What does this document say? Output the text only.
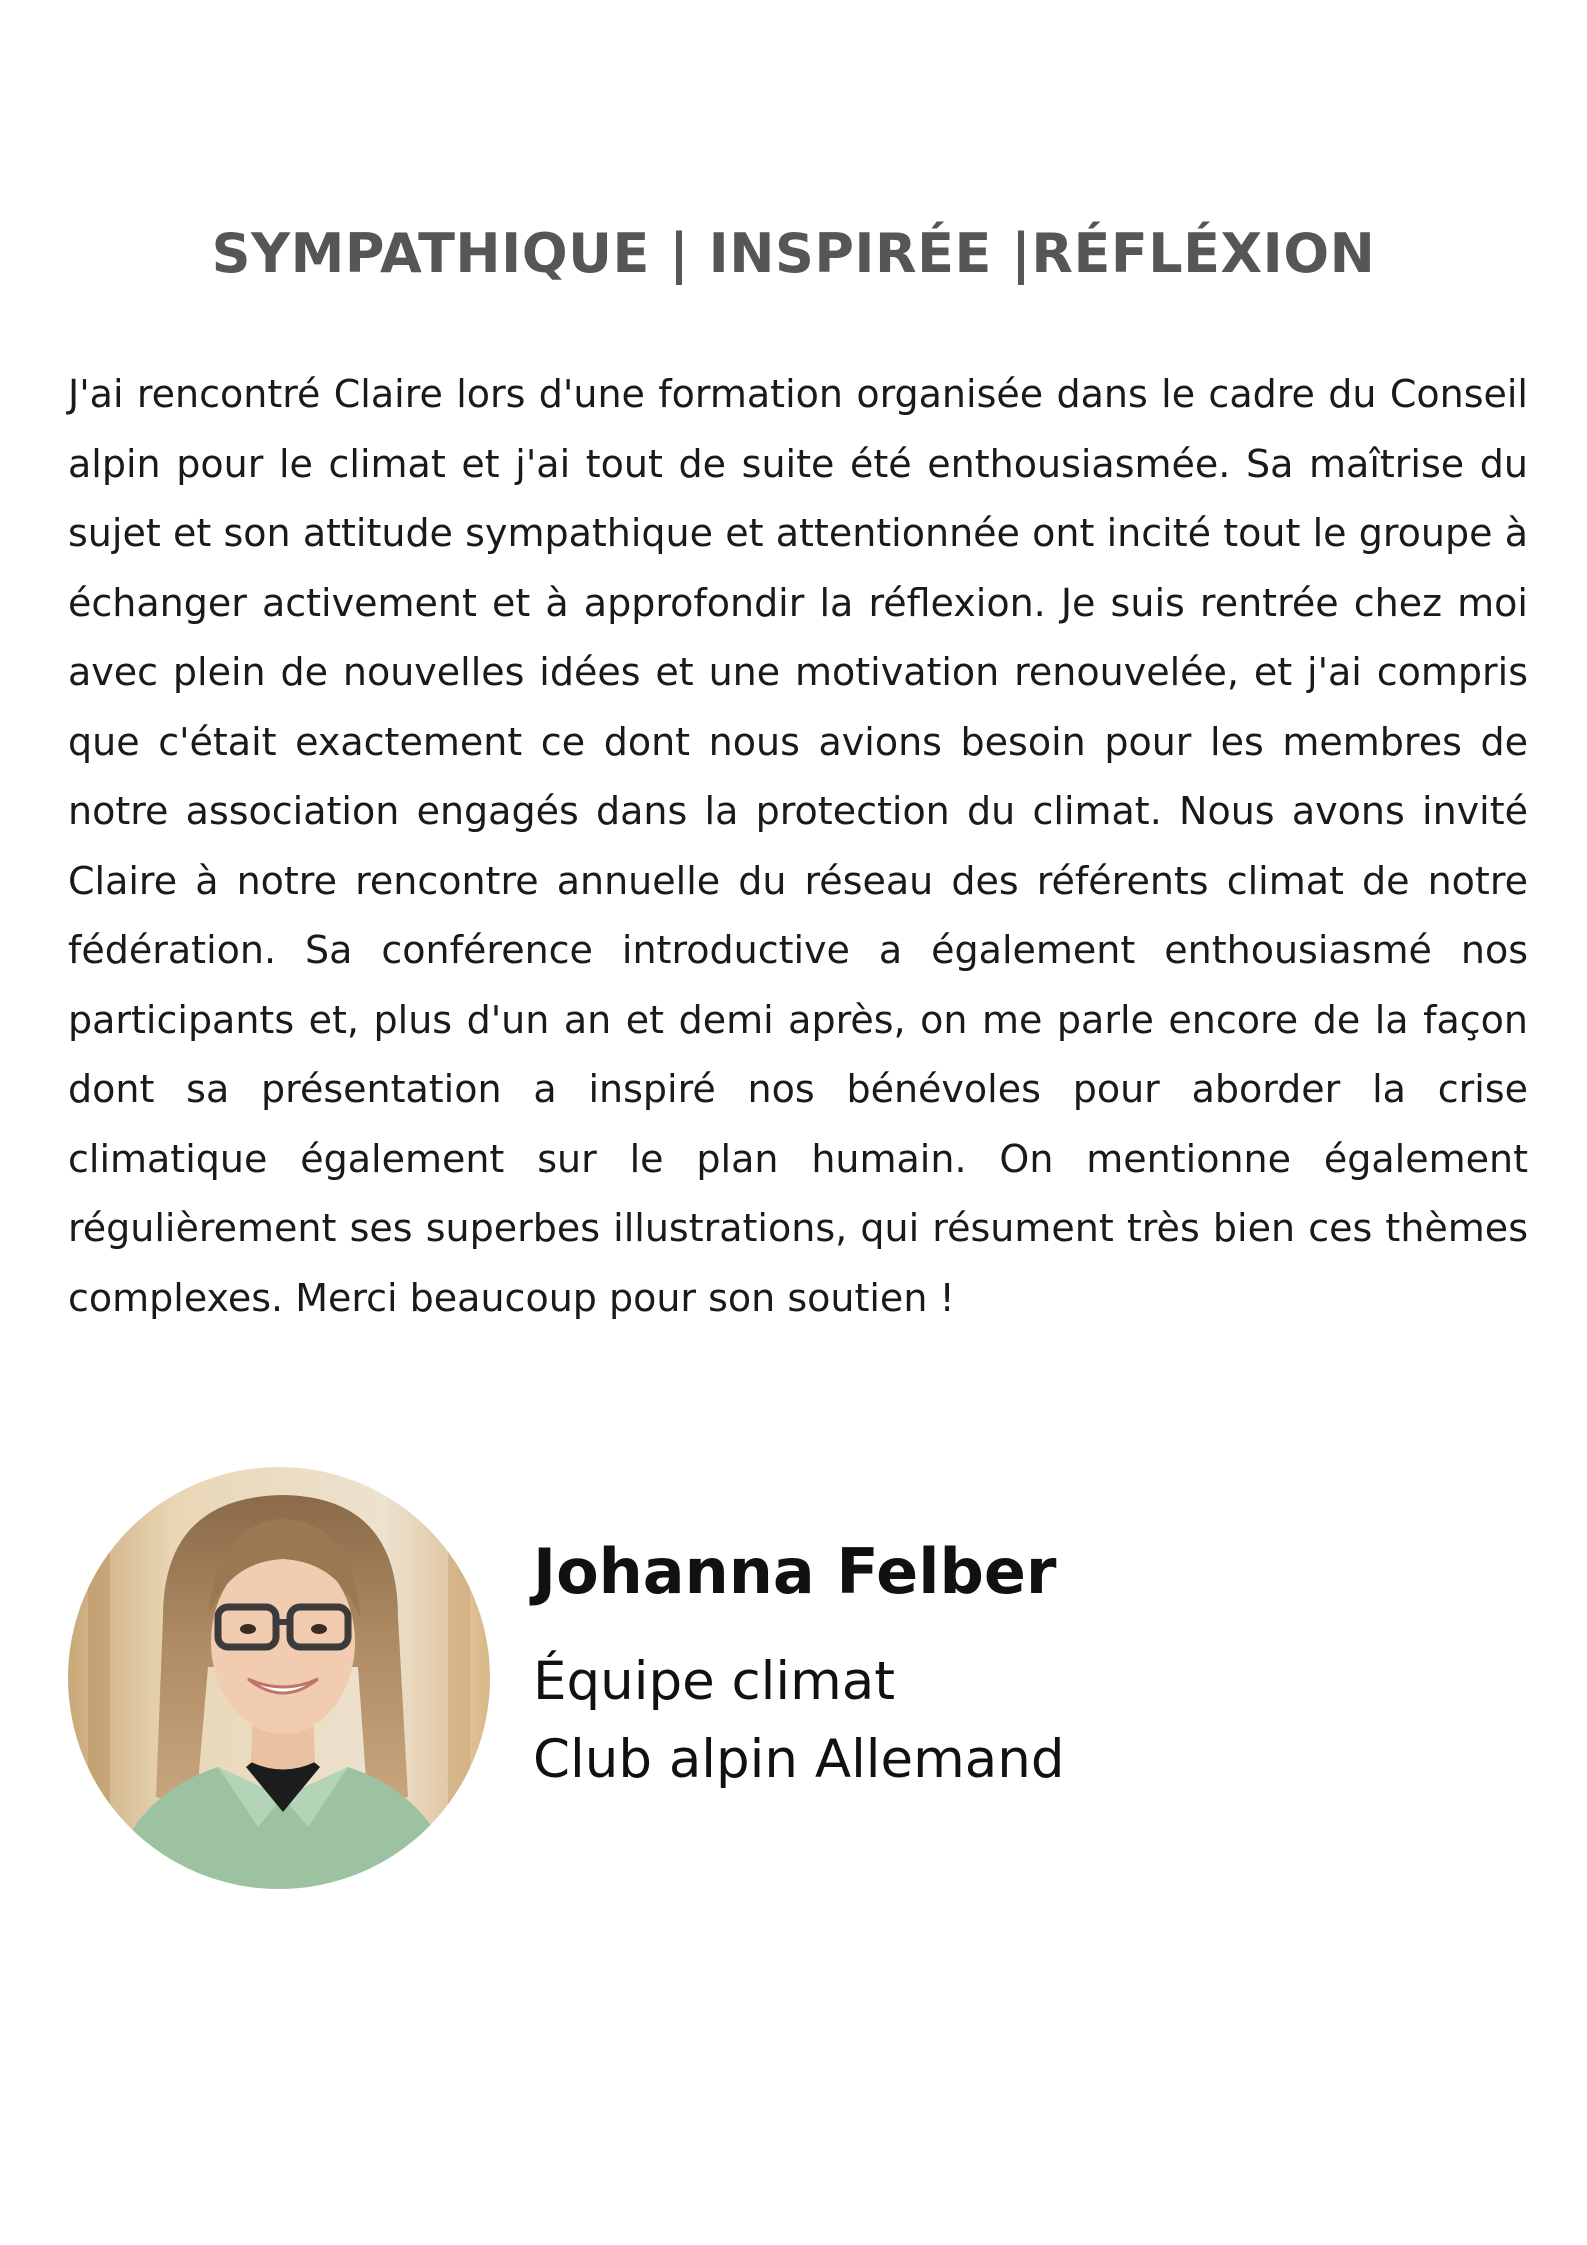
SYMPATHIQUE | INSPIRÉE |RÉFLÉXION

J'ai rencontré Claire lors d'une formation organisée dans le cadre du Conseil alpin pour le climat et j'ai tout de suite été enthousiasmée. Sa maîtrise du sujet et son attitude sympathique et attentionnée ont incité tout le groupe à échanger activement et à approfondir la réflexion. Je suis rentrée chez moi avec plein de nouvelles idées et une motivation renouvelée, et j'ai compris que c'était exactement ce dont nous avions besoin pour les membres de notre association engagés dans la protection du climat. Nous avons invité Claire à notre rencontre annuelle du réseau des référents climat de notre fédération. Sa conférence introductive a également enthousiasmé nos participants et, plus d'un an et demi après, on me parle encore de la façon dont sa présentation a inspiré nos bénévoles pour aborder la crise climatique également sur le plan humain. On mentionne également régulièrement ses superbes illustrations, qui résument très bien ces thèmes complexes. Merci beaucoup pour son soutien !

Johanna Felber

Équipe climat
Club alpin Allemand
